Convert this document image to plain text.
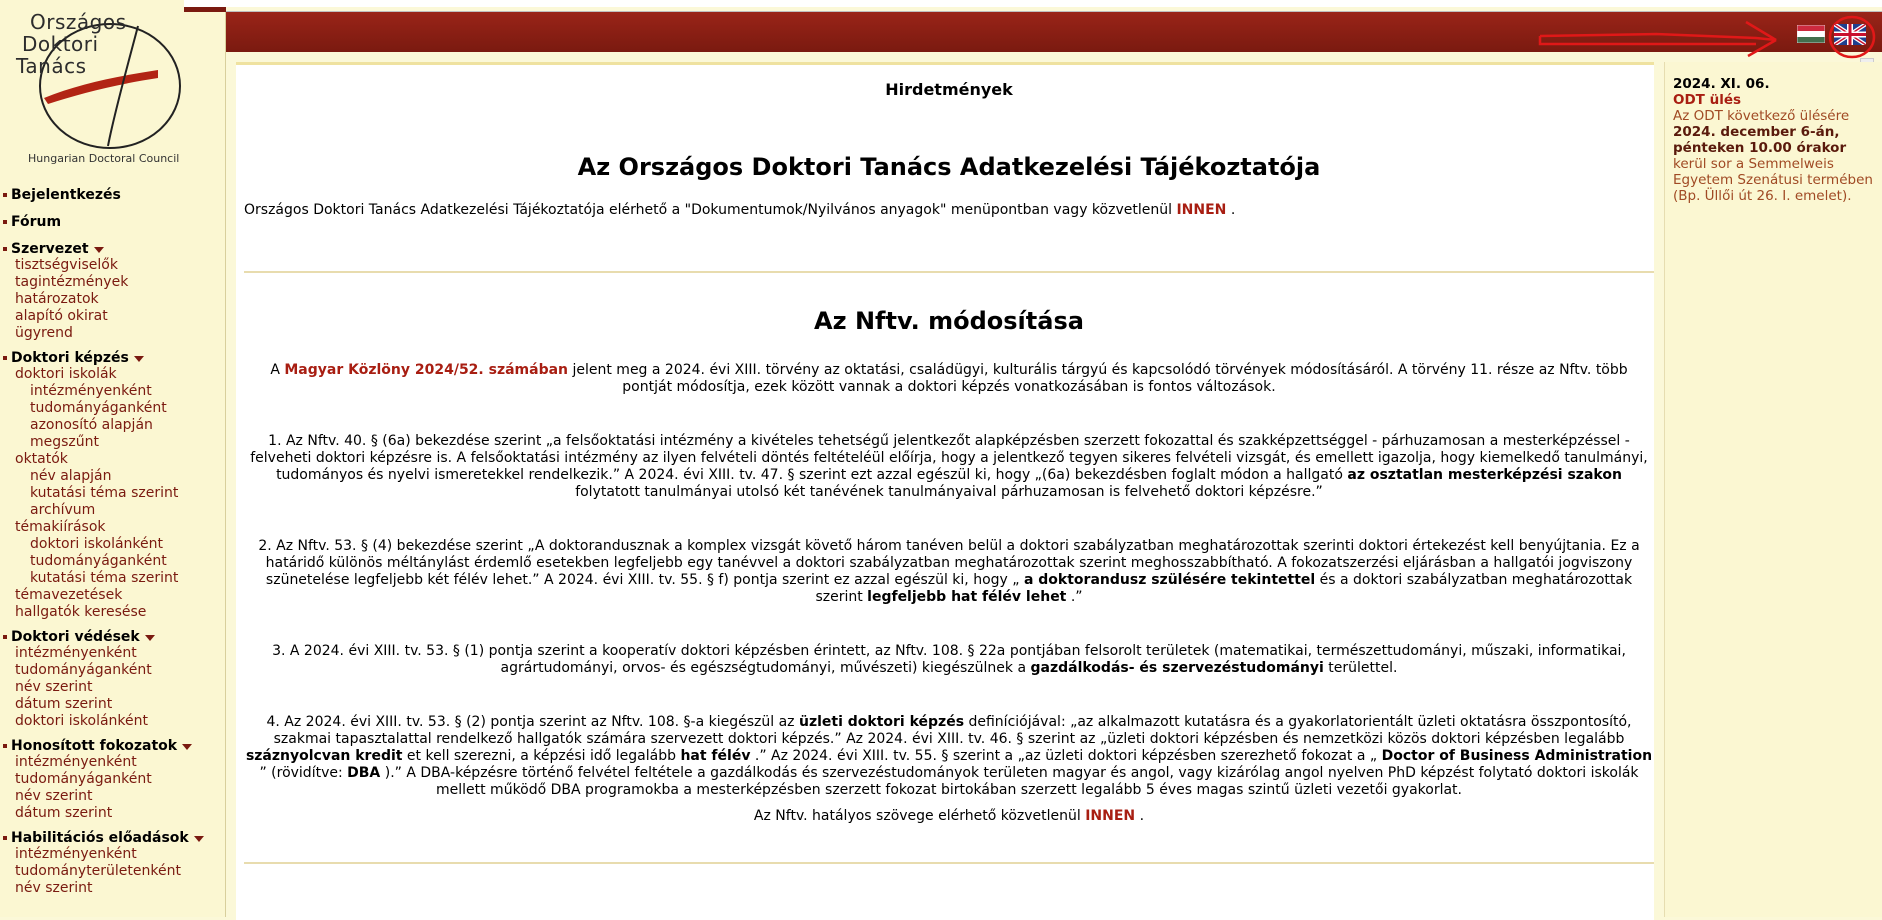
Országos
Doktori
Tanács
Hungarian Doctoral Council
Bejelentkezés
Fórum
Szervezet
tisztségviselők
tagintézmények
határozatok
alapító okirat
ügyrend
Doktori képzés
doktori iskolák
intézményenként
tudományáganként
azonosító alapján
megszűnt
oktatók
név alapján
kutatási téma szerint
archívum
témakiírások
doktori iskolánként
tudományáganként
kutatási téma szerint
témavezetések
hallgatók keresése
Doktori védések
intézményenként
tudományáganként
név szerint
dátum szerint
doktori iskolánként
Honosított fokozatok
intézményenként
tudományáganként
név szerint
dátum szerint
Habilitációs előadások
intézményenként
tudományterületenként
név szerint
Hirdetmények
Az Országos Doktori Tanács Adatkezelési Tájékoztatója
Országos Doktori Tanács Adatkezelési Tájékoztatója elérhető a "Dokumentumok/Nyilvános anyagok" menüpontban vagy közvetlenül INNEN .
Az Nftv. módosítása
A Magyar Közlöny 2024/52. számában jelent meg a 2024. évi XIII. törvény az oktatási, családügyi, kulturális tárgyú és kapcsolódó törvények módosításáról. A törvény 11. része az Nftv. több pontját módosítja, ezek között vannak a doktori képzés vonatkozásában is fontos változások.
1. Az Nftv. 40. § (6a) bekezdése szerint „a felsőoktatási intézmény a kivételes tehetségű jelentkezőt alapképzésben szerzett fokozattal és szakképzettséggel - párhuzamosan a mesterképzéssel - felveheti doktori képzésre is. A felsőoktatási intézmény az ilyen felvételi döntés feltételéül előírja, hogy a jelentkező tegyen sikeres felvételi vizsgát, és emellett igazolja, hogy kiemelkedő tanulmányi, tudományos és nyelvi ismeretekkel rendelkezik.” A 2024. évi XIII. tv. 47. § szerint ezt azzal egészül ki, hogy „(6a) bekezdésben foglalt módon a hallgató az osztatlan mesterképzési szakon folytatott tanulmányai utolsó két tanévének tanulmányaival párhuzamosan is felvehető doktori képzésre.”
2. Az Nftv. 53. § (4) bekezdése szerint „A doktorandusznak a komplex vizsgát követő három tanéven belül a doktori szabályzatban meghatározottak szerinti doktori értekezést kell benyújtania. Ez a határidő különös méltánylást érdemlő esetekben legfeljebb egy tanévvel a doktori szabályzatban meghatározottak szerint meghosszabbítható. A fokozatszerzési eljárásban a hallgatói jogviszony szünetelése legfeljebb két félév lehet.” A 2024. évi XIII. tv. 55. § f) pontja szerint ez azzal egészül ki, hogy „ a doktorandusz szülésére tekintettel és a doktori szabályzatban meghatározottak szerint legfeljebb hat félév lehet .”
3. A 2024. évi XIII. tv. 53. § (1) pontja szerint a kooperatív doktori képzésben érintett, az Nftv. 108. § 22a pontjában felsorolt területek (matematikai, természettudományi, műszaki, informatikai, agrártudományi, orvos- és egészségtudományi, művészeti) kiegészülnek a gazdálkodás- és szervezéstudományi területtel.
4. Az 2024. évi XIII. tv. 53. § (2) pontja szerint az Nftv. 108. §-a kiegészül az üzleti doktori képzés definíciójával: „az alkalmazott kutatásra és a gyakorlatorientált üzleti oktatásra összpontosító, szakmai tapasztalattal rendelkező hallgatók számára szervezett doktori képzés.” Az 2024. évi XIII. tv. 46. § szerint az „üzleti doktori képzésben és nemzetközi közös doktori képzésben legalább száznyolcvan kredit et kell szerezni, a képzési idő legalább hat félév .” Az 2024. évi XIII. tv. 55. § szerint a „az üzleti doktori képzésben szerezhető fokozat a „ Doctor of Business Administration ” (rövidítve: DBA ).” A DBA-képzésre történő felvétel feltétele a gazdálkodás és szervezéstudományok területen magyar és angol, vagy kizárólag angol nyelven PhD képzést folytató doktori iskolák mellett működő DBA programokba a mesterképzésben szerzett fokozat birtokában szerzett legalább 5 éves magas szintű üzleti vezetői gyakorlat.
Az Nftv. hatályos szövege elérhető közvetlenül INNEN .
2024. XI. 06.
ODT ülés
Az ODT következő ülésére 2024. december 6-án, pénteken 10.00 órakor kerül sor a Semmelweis Egyetem Szenátusi termében (Bp. Üllői út 26. I. emelet).
